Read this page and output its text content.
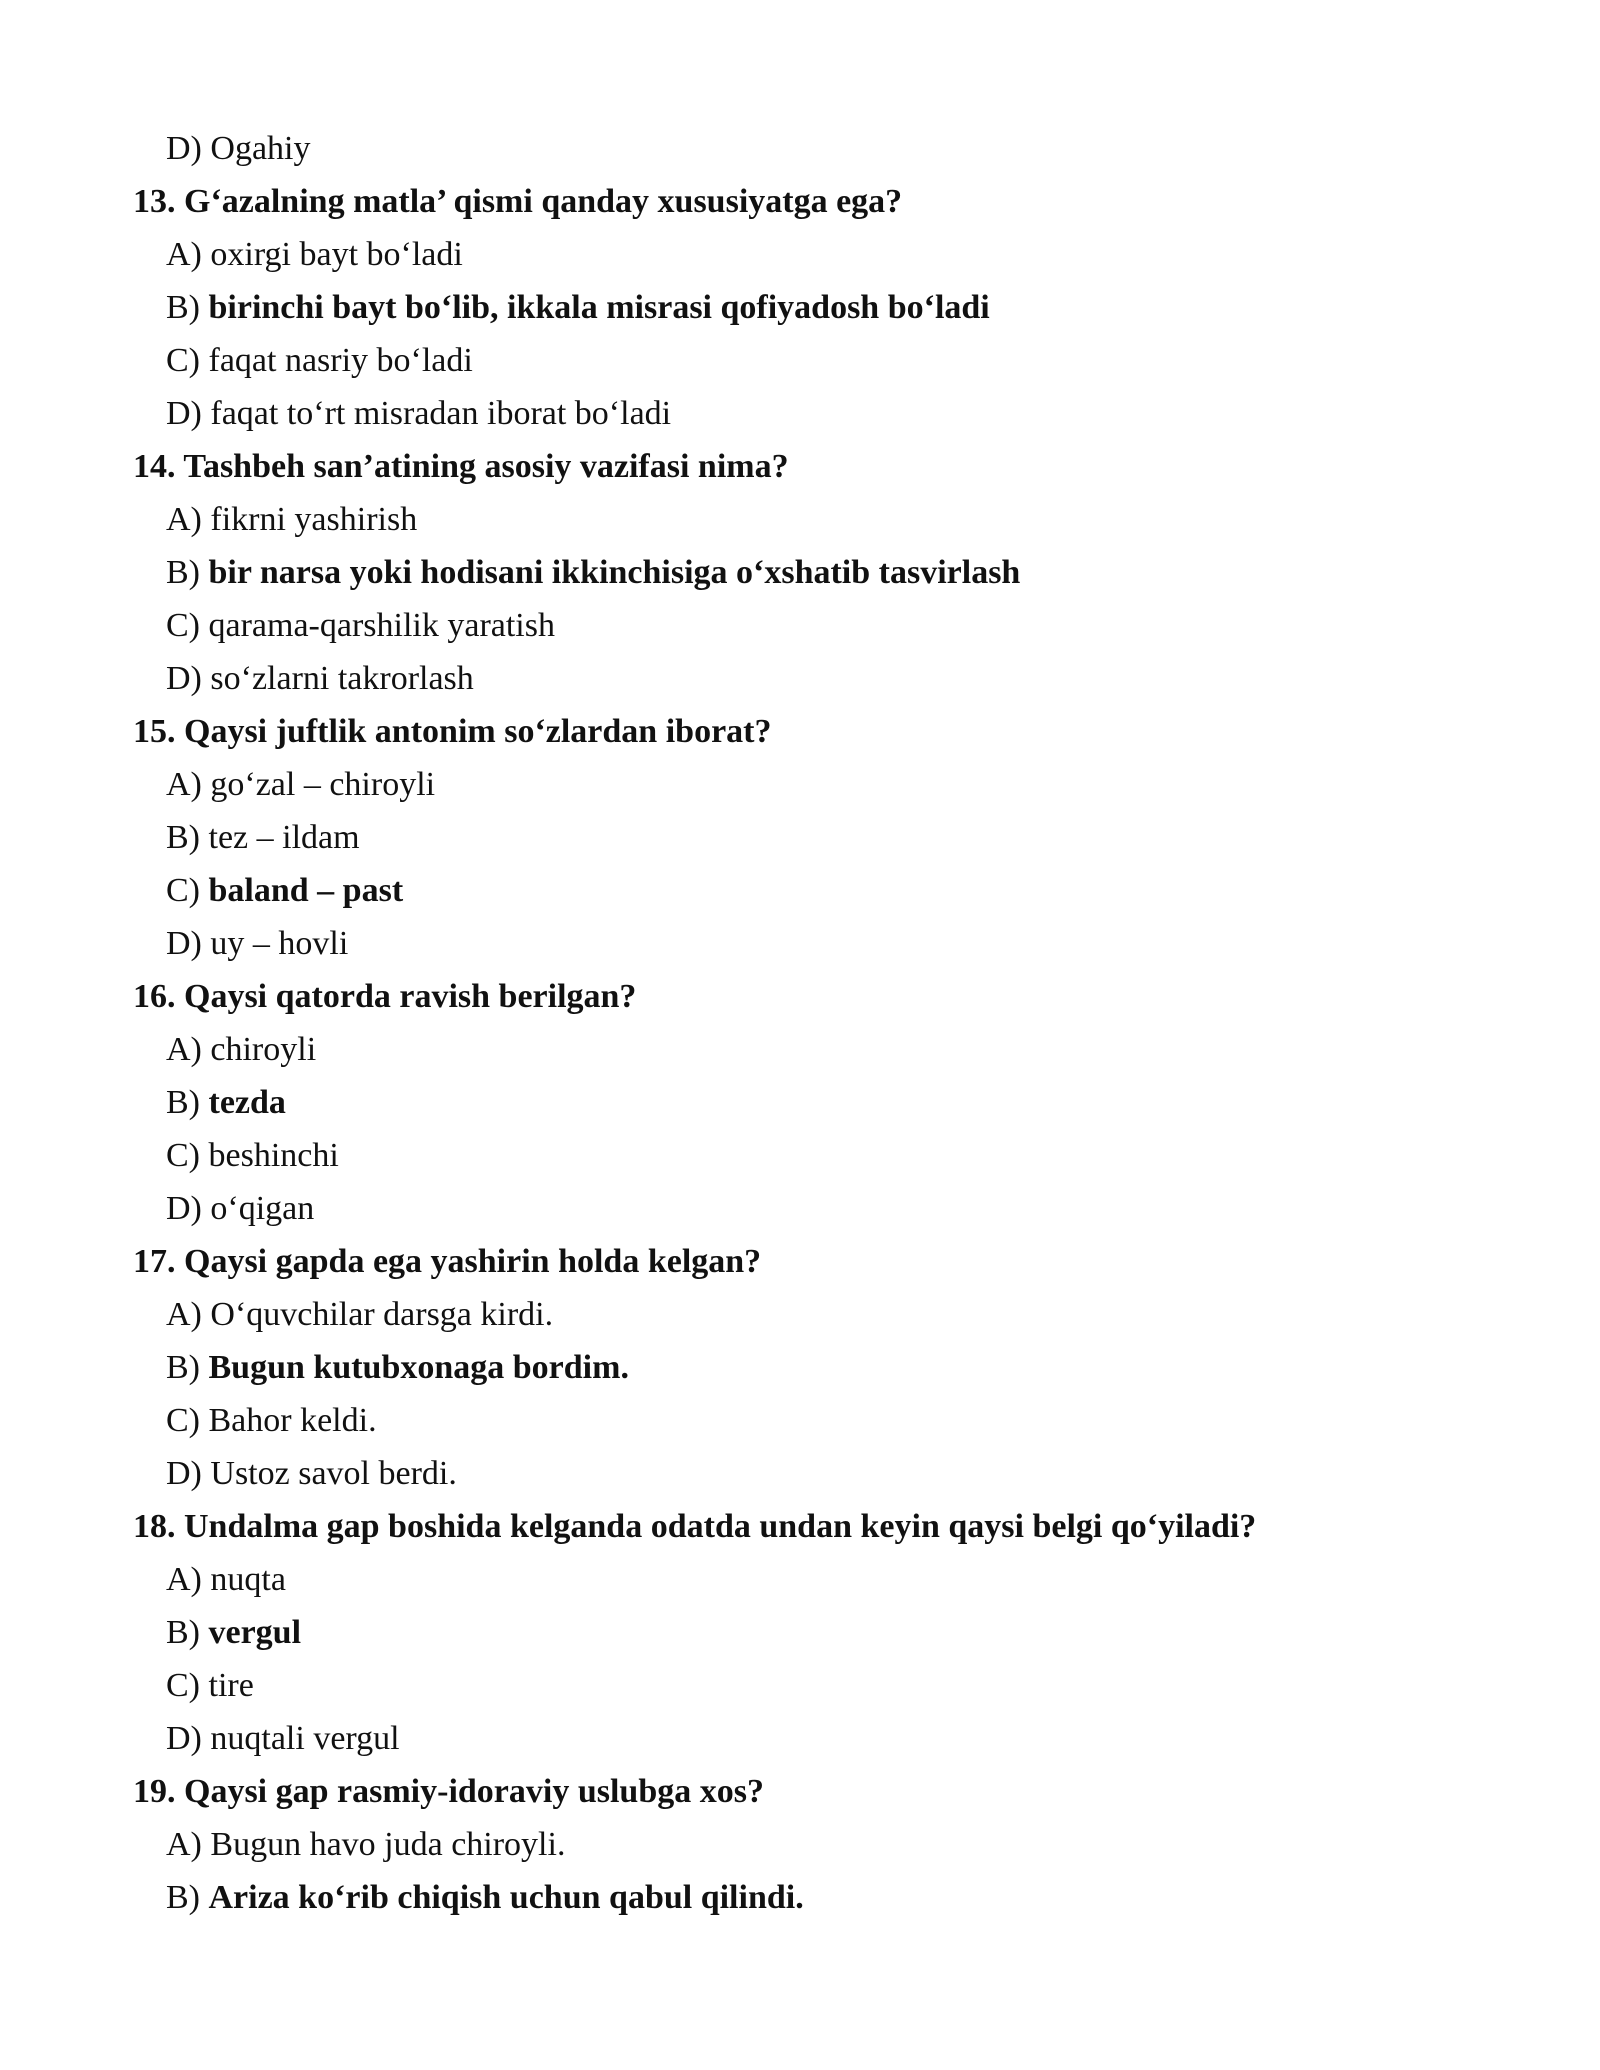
D) Ogahiy
13. G‘azalning matla’ qismi qanday xususiyatga ega?
A) oxirgi bayt bo‘ladi
B) birinchi bayt bo‘lib, ikkala misrasi qofiyadosh bo‘ladi
C) faqat nasriy bo‘ladi
D) faqat to‘rt misradan iborat bo‘ladi
14. Tashbeh san’atining asosiy vazifasi nima?
A) fikrni yashirish
B) bir narsa yoki hodisani ikkinchisiga o‘xshatib tasvirlash
C) qarama-qarshilik yaratish
D) so‘zlarni takrorlash
15. Qaysi juftlik antonim so‘zlardan iborat?
A) go‘zal – chiroyli
B) tez – ildam
C) baland – past
D) uy – hovli
16. Qaysi qatorda ravish berilgan?
A) chiroyli
B) tezda
C) beshinchi
D) o‘qigan
17. Qaysi gapda ega yashirin holda kelgan?
A) O‘quvchilar darsga kirdi.
B) Bugun kutubxonaga bordim.
C) Bahor keldi.
D) Ustoz savol berdi.
18. Undalma gap boshida kelganda odatda undan keyin qaysi belgi qo‘yiladi?
A) nuqta
B) vergul
C) tire
D) nuqtali vergul
19. Qaysi gap rasmiy-idoraviy uslubga xos?
A) Bugun havo juda chiroyli.
B) Ariza ko‘rib chiqish uchun qabul qilindi.
